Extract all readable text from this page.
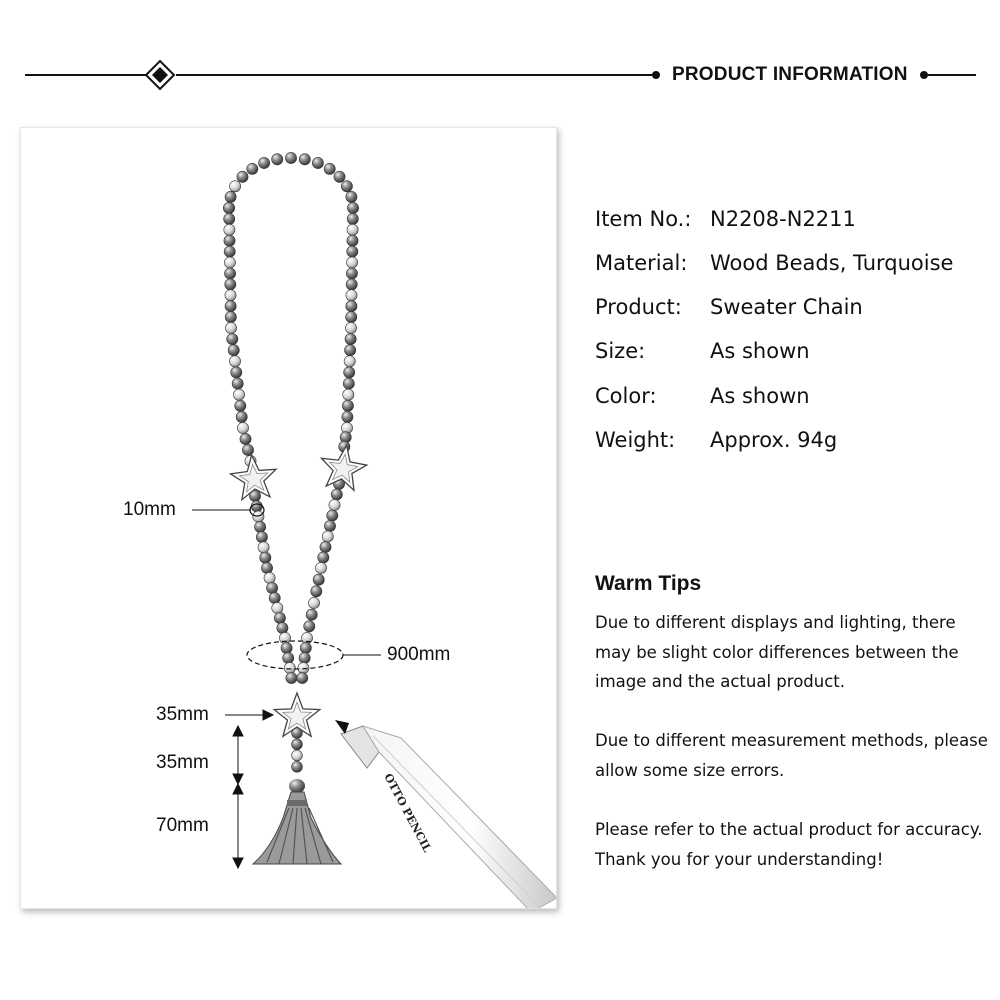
PRODUCT INFORMATION
OTTO PENCIL
10mm
900mm
35mm
35mm
70mm
Item No.: N2208-N2211
Material: Wood Beads, Turquoise
Product: Sweater Chain
Size:	As shown
Color:	As shown
Weight: Approx. 94g
Warm Tips
Due to different displays and lighting, there may be slight color differences between the image and the actual product.
Due to different measurement methods, please allow some size errors.
Please refer to the actual product for accuracy. Thank you for your understanding!
